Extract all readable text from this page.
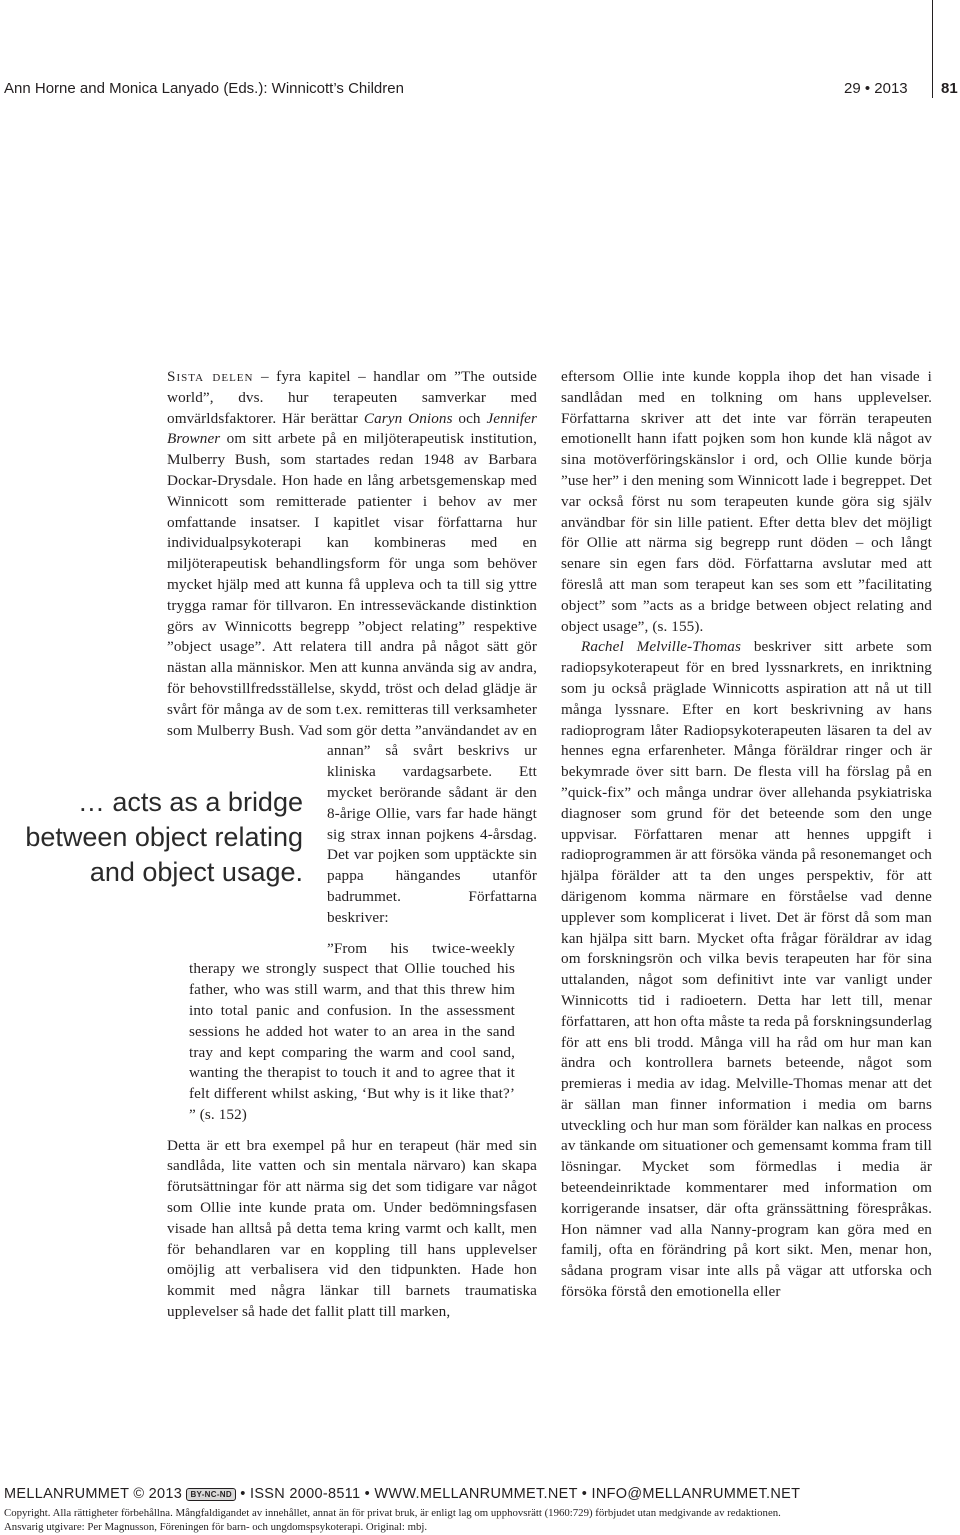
Ann Horne and Monica Lanyado (Eds.): Winnicott’s Children	29 • 2013 81

Sista delen – fyra kapitel – handlar om ”The outside world”, dvs. hur terapeuten samverkar med omvärldsfaktorer. Här berättar Caryn Onions och Jennifer Browner om sitt arbete på en miljöterapeutisk institution, Mulberry Bush, som startades redan 1948 av Barbara Dockar-Drysdale. Hon hade en lång arbetsgemenskap med Winnicott som remitterade patienter i behov av mer omfattande insatser. I kapitlet visar författarna hur individualpsykoterapi kan kombineras med en miljöterapeutisk behandlingsform för unga som behöver mycket hjälp med att kunna få uppleva och ta till sig yttre trygga ramar för tillvaron. En intresseväckande distinktion görs av Winnicotts begrepp ”object relating” respektive ”object usage”. Att relatera till andra på något sätt gör nästan alla människor. Men att kunna använda sig av andra, för behovstillfredsställelse, skydd, tröst och delad glädje är svårt för många av de som t.ex. remitteras till verksamheter som Mulberry Bush. Vad som gör detta ”användandet av en annan” så svårt beskrivs ur kliniska vardagsarbete. Ett mycket berörande sådant är den 8-årige Ollie, vars far hade hängt sig strax innan pojkens 4-årsdag. Det var pojken som upptäckte sin pappa hängandes utanför badrummet. Författarna beskriver:

”From his twice-weekly therapy we strongly suspect that Ollie touched his father, who was still warm, and that this threw him into total panic and confusion. In the assessment sessions he added hot water to an area in the sand tray and kept comparing the warm and cool sand, wanting the therapist to touch it and to agree that it felt different whilst asking, ‘But why is it like that?’ ” (s. 152)

Detta är ett bra exempel på hur en terapeut (här med sin sandlåda, lite vatten och sin mentala närvaro) kan skapa förutsättningar för att närma sig det som tidigare var något som Ollie inte kunde prata om. Under bedömningsfasen visade han alltså på detta tema kring varmt och kallt, men för behandlaren var en koppling till hans upplevelser omöjlig att verbalisera vid den tidpunkten. Hade hon kommit med några länkar till barnets traumatiska upplevelser så hade det fallit platt till marken,

… acts as a bridge between object relating and object usage.

eftersom Ollie inte kunde koppla ihop det han visade i sandlådan med en tolkning om hans upplevelser. Författarna skriver att det inte var förrän terapeuten emotionellt hann ifatt pojken som hon kunde klä något av sina motöverföringskänslor i ord, och Ollie kunde börja ”use her” i den mening som Winnicott lade i begreppet. Det var också först nu som terapeuten kunde göra sig själv användbar för sin lille patient. Efter detta blev det möjligt för Ollie att närma sig begrepp runt döden – och långt senare sin egen fars död. Författarna avslutar med att föreslå att man som terapeut kan ses som ett ”facilitating object” som ”acts as a bridge between object relating and object usage”, (s. 155).

Rachel Melville-Thomas beskriver sitt arbete som radiopsykoterapeut för en bred lyssnarkrets, en inriktning som ju också präglade Winnicotts aspiration att nå ut till många lyssnare. Efter en kort beskrivning av hans radioprogram låter Radiopsykoterapeuten läsaren ta del av hennes egna erfarenheter. Många föräldrar ringer och är bekymrade över sitt barn. De flesta vill ha förslag på en ”quick-fix” och många undrar över allehanda psykiatriska diagnoser som grund för det beteende som den unge uppvisar. Författaren menar att hennes uppgift i radioprogrammen är att försöka vända på resonemanget och hjälpa förälder att ta den unges perspektiv, för att därigenom komma närmare en förståelse vad denne upplever som komplicerat i livet. Det är först då som man kan hjälpa sitt barn. Mycket ofta frågar föräldrar av idag om forskningsrön och vilka bevis terapeuten har för sina uttalanden, något som definitivt inte var vanligt under Winnicotts tid i radioetern. Detta har lett till, menar författaren, att hon ofta måste ta reda på forskningsunderlag för att ens bli trodd. Många vill ha råd om hur man kan ändra och kontrollera barnets beteende, något som premieras i media av idag. Melville-Thomas menar att det är sällan man finner information i media om barns utveckling och hur man som förälder kan nalkas en process av tänkande om situationer och gemensamt komma fram till lösningar. Mycket som förmedlas i media är beteendeinriktade kommentarer med information om korrigerande insatser, där ofta gränssättning förespråkas. Hon nämner vad alla Nanny-program kan göra med en familj, ofta en förändring på kort sikt. Men, menar hon, sådana program visar inte alls på vägar att utforska och försöka förstå den emotionella eller

MELLANRUMMET © 2013 BY-NC-ND • ISSN 2000-8511 • WWW.MELLANRUMMET.NET • INFO@MELLANRUMMET.NET
Copyright. Alla rättigheter förbehållna. Mångfaldigandet av innehållet, annat än för privat bruk, är enligt lag om upphovsrätt (1960:729) förbjudet utan medgivande av redaktionen.
Ansvarig utgivare: Per Magnusson, Föreningen för barn- och ungdomspsykoterapi. Original: mbj.
